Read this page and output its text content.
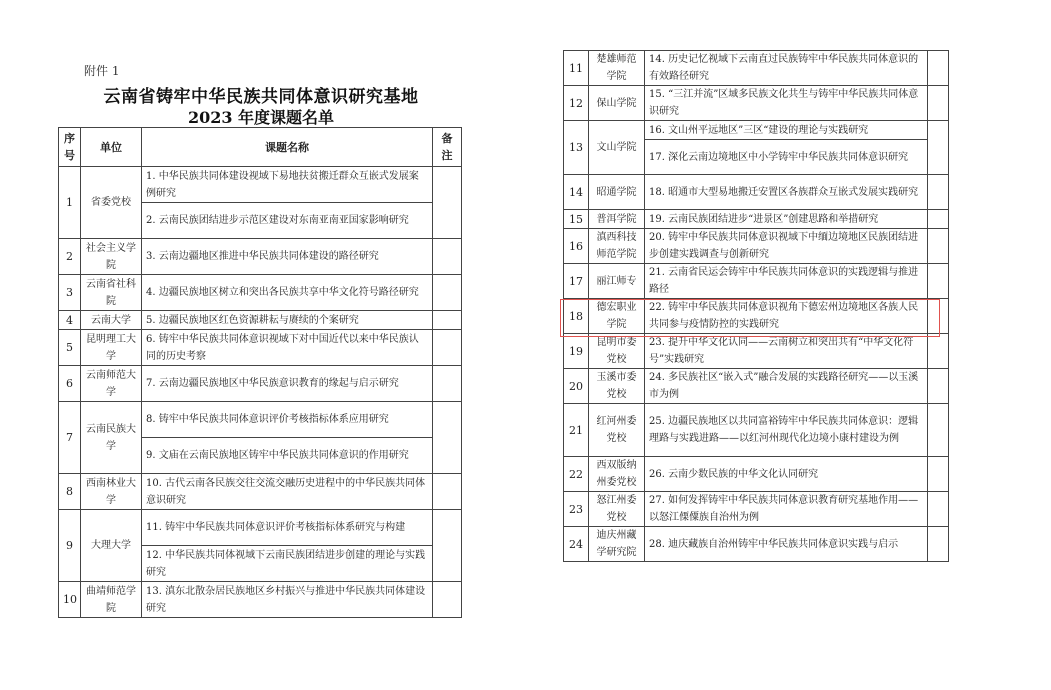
附件 1
云南省铸牢中华民族共同体意识研究基地
2023 年度课题名单
序号	单位	课题名称	备注
1	省委党校	1. 中华民族共同体建设视域下易地扶贫搬迁群众互嵌式发展案例研究	
		2. 云南民族团结进步示范区建设对东南亚南亚国家影响研究	
2	社会主义学院	3. 云南边疆地区推进中华民族共同体建设的路径研究	
3	云南省社科院	4. 边疆民族地区树立和突出各民族共享中华文化符号路径研究	
4	云南大学	5. 边疆民族地区红色资源耕耘与赓续的个案研究	
5	昆明理工大学	6. 铸牢中华民族共同体意识视域下对中国近代以来中华民族认同的历史考察	
6	云南师范大学	7. 云南边疆民族地区中华民族意识教育的缘起与启示研究	
7	云南民族大学	8. 铸牢中华民族共同体意识评价考核指标体系应用研究	
		9. 文庙在云南民族地区铸牢中华民族共同体意识的作用研究	
8	西南林业大学	10. 古代云南各民族交往交流交融历史进程中的中华民族共同体意识研究	
9	大理大学	11. 铸牢中华民族共同体意识评价考核指标体系研究与构建	
		12. 中华民族共同体视域下云南民族团结进步创建的理论与实践研究	
10	曲靖师范学院	13. 滇东北散杂居民族地区乡村振兴与推进中华民族共同体建设研究	
11	楚雄师范学院	14. 历史记忆视域下云南直过民族铸牢中华民族共同体意识的有效路径研究	
12	保山学院	15. “三江并流”区域多民族文化共生与铸牢中华民族共同体意识研究	
13	文山学院	16. 文山州平远地区”三区“建设的理论与实践研究	
		17. 深化云南边境地区中小学铸牢中华民族共同体意识研究	
14	昭通学院	18. 昭通市大型易地搬迁安置区各族群众互嵌式发展实践研究	
15	普洱学院	19. 云南民族团结进步“进景区”创建思路和举措研究	
16	滇西科技师范学院	20. 铸牢中华民族共同体意识视域下中缅边境地区民族团结进步创建实践调查与创新研究	
17	丽江师专	21. 云南省民运会铸牢中华民族共同体意识的实践逻辑与推进路径	
18	德宏职业学院	22. 铸牢中华民族共同体意识视角下德宏州边境地区各族人民共同参与疫情防控的实践研究	
19	昆明市委党校	23. 提升中华文化认同——云南树立和突出共有“中华文化符号”实践研究	
20	玉溪市委党校	24. 多民族社区“嵌入式”融合发展的实践路径研究——以玉溪市为例	
21	红河州委党校	25. 边疆民族地区以共同富裕铸牢中华民族共同体意识：逻辑理路与实践进路——以红河州现代化边境小康村建设为例	
22	西双版纳州委党校	26. 云南少数民族的中华文化认同研究	
23	怒江州委党校	27. 如何发挥铸牢中华民族共同体意识教育研究基地作用——以怒江傈僳族自治州为例	
24	迪庆州藏学研究院	28. 迪庆藏族自治州铸牢中华民族共同体意识实践与启示	
